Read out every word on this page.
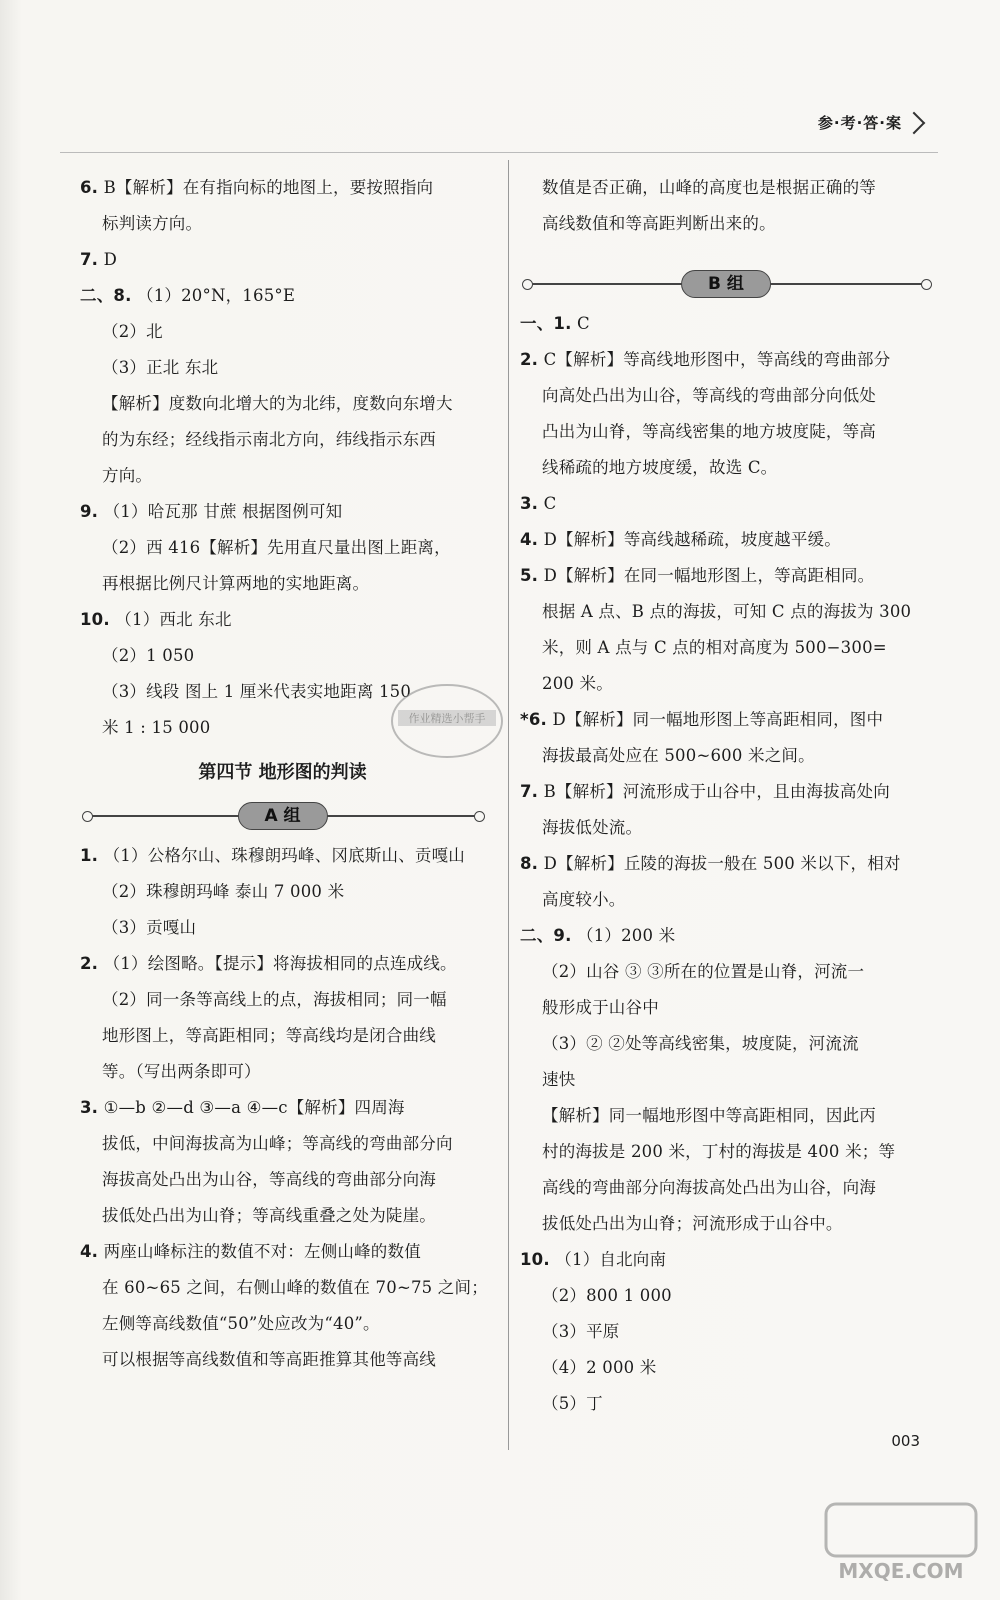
参·考·答·案
6. B【解析】在有指向标的地图上，要按照指向
标判读方向。
7. D
二、8. （1）20°N，165°E
（2）北
（3）正北 东北
【解析】度数向北增大的为北纬，度数向东增大
的为东经；经线指示南北方向，纬线指示东西
方向。
9. （1）哈瓦那 甘蔗 根据图例可知
（2）西 416【解析】先用直尺量出图上距离，
再根据比例尺计算两地的实地距离。
10. （1）西北 东北
（2）1 050
（3）线段 图上 1 厘米代表实地距离 150
米 1 : 15 000
第四节 地形图的判读
A 组
1. （1）公格尔山、珠穆朗玛峰、冈底斯山、贡嘎山
（2）珠穆朗玛峰 泰山 7 000 米
（3）贡嘎山
2. （1）绘图略。【提示】将海拔相同的点连成线。
（2）同一条等高线上的点，海拔相同；同一幅
地形图上，等高距相同；等高线均是闭合曲线
等。（写出两条即可）
3. ①—b ②—d ③—a ④—c【解析】四周海
拔低，中间海拔高为山峰；等高线的弯曲部分向
海拔高处凸出为山谷，等高线的弯曲部分向海
拔低处凸出为山脊；等高线重叠之处为陡崖。
4. 两座山峰标注的数值不对：左侧山峰的数值
在 60~65 之间，右侧山峰的数值在 70~75 之间；
左侧等高线数值“50”处应改为“40”。
可以根据等高线数值和等高距推算其他等高线
数值是否正确，山峰的高度也是根据正确的等
高线数值和等高距判断出来的。
B 组
一、1. C
2. C【解析】等高线地形图中，等高线的弯曲部分
向高处凸出为山谷，等高线的弯曲部分向低处
凸出为山脊，等高线密集的地方坡度陡，等高
线稀疏的地方坡度缓，故选 C。
3. C
4. D【解析】等高线越稀疏，坡度越平缓。
5. D【解析】在同一幅地形图上，等高距相同。
根据 A 点、B 点的海拔，可知 C 点的海拔为 300
米，则 A 点与 C 点的相对高度为 500−300=
200 米。
*6. D【解析】同一幅地形图上等高距相同，图中
海拔最高处应在 500~600 米之间。
7. B【解析】河流形成于山谷中，且由海拔高处向
海拔低处流。
8. D【解析】丘陵的海拔一般在 500 米以下，相对
高度较小。
二、9. （1）200 米
（2）山谷 ③ ③所在的位置是山脊，河流一
般形成于山谷中
（3）② ②处等高线密集，坡度陡，河流流
速快
【解析】同一幅地形图中等高距相同，因此丙
村的海拔是 200 米，丁村的海拔是 400 米；等
高线的弯曲部分向海拔高处凸出为山谷，向海
拔低处凸出为山脊；河流形成于山谷中。
10. （1）自北向南
（2）800 1 000
（3）平原
（4）2 000 米
（5）丁
作业精选小帮手
MXQE.COM
003
